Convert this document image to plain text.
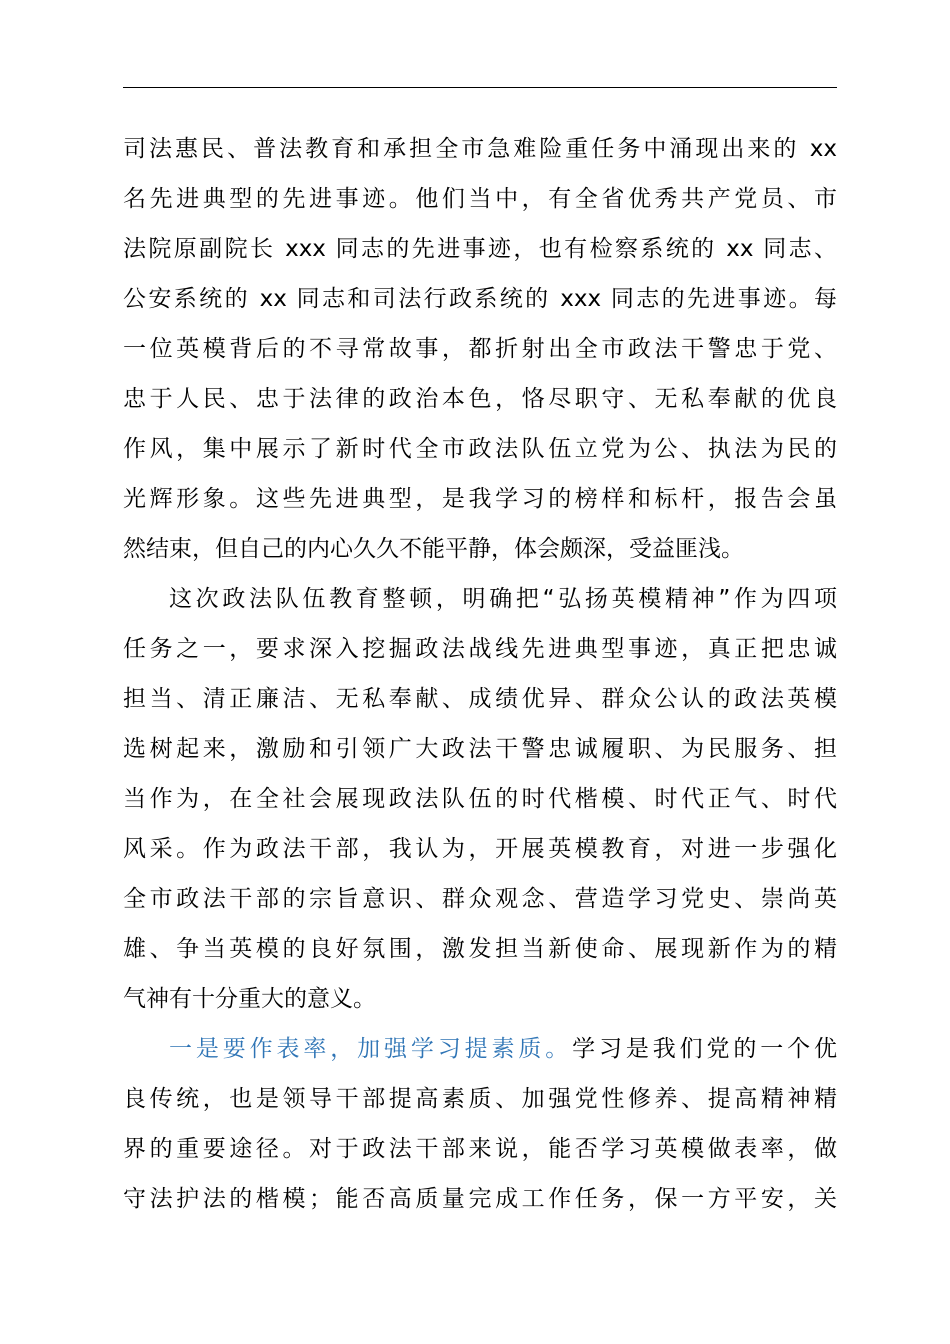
司法惠民、普法教育和承担全市急难险重任务中涌现出来的 xx
名先进典型的先进事迹。他们当中，有全省优秀共产党员、市
法院原副院长 xxx 同志的先进事迹，也有检察系统的 xx 同志、
公安系统的 xx 同志和司法行政系统的 xxx 同志的先进事迹。每
一位英模背后的不寻常故事，都折射出全市政法干警忠于党、
忠于人民、忠于法律的政治本色，恪尽职守、无私奉献的优良
作风，集中展示了新时代全市政法队伍立党为公、执法为民的
光辉形象。这些先进典型，是我学习的榜样和标杆，报告会虽
然结束，但自己的内心久久不能平静，体会颇深，受益匪浅。
这次政法队伍教育整顿，明确把“弘扬英模精神”作为四项
任务之一，要求深入挖掘政法战线先进典型事迹，真正把忠诚
担当、清正廉洁、无私奉献、成绩优异、群众公认的政法英模
选树起来，激励和引领广大政法干警忠诚履职、为民服务、担
当作为，在全社会展现政法队伍的时代楷模、时代正气、时代
风采。作为政法干部，我认为，开展英模教育，对进一步强化
全市政法干部的宗旨意识、群众观念、营造学习党史、崇尚英
雄、争当英模的良好氛围，激发担当新使命、展现新作为的精
气神有十分重大的意义。
一是要作表率，加强学习提素质。学习是我们党的一个优
良传统，也是领导干部提高素质、加强党性修养、提高精神精
界的重要途径。对于政法干部来说，能否学习英模做表率，做
守法护法的楷模；能否高质量完成工作任务，保一方平安，关
